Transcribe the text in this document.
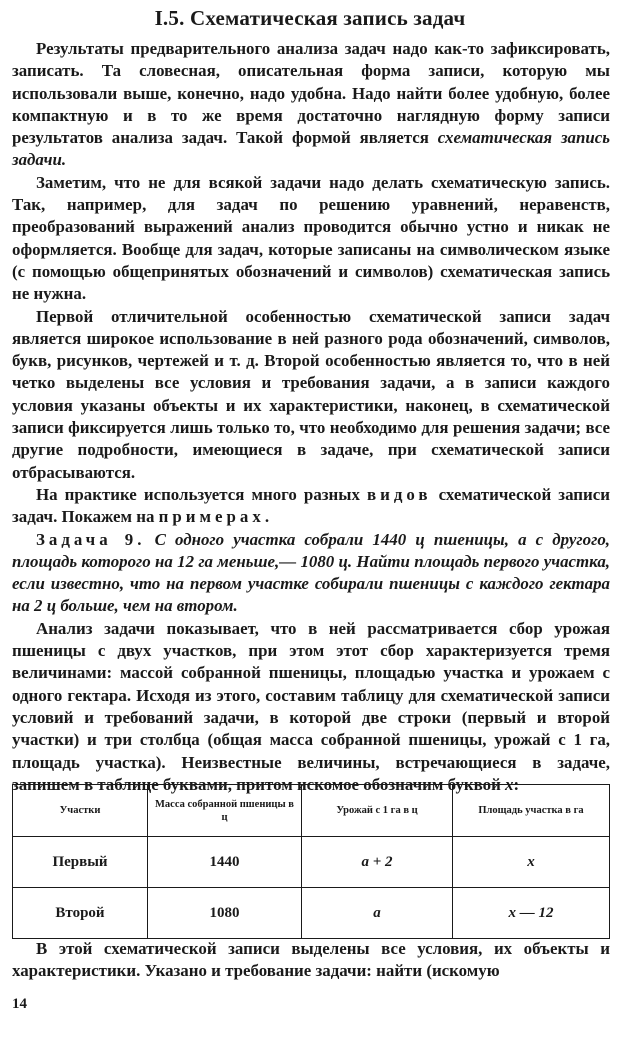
I.5. Схематическая запись задач

Результаты предварительного анализа задач надо как-то зафиксировать, записать. Та словесная, описательная форма записи, которую мы использовали выше, конечно, надо удобна. Надо найти более удобную, более компактную и в то же время достаточно наглядную форму записи результатов анализа задач. Такой формой является схематическая запись задачи.

Заметим, что не для всякой задачи надо делать схематическую запись. Так, например, для задач по решению уравнений, неравенств, преобразований выражений анализ проводится обычно устно и никак не оформляется. Вообще для задач, которые записаны на символическом языке (с помощью общепринятых обозначений и символов) схематическая запись не нужна.

Первой отличительной особенностью схематической записи задач является широкое использование в ней разного рода обозначений, символов, букв, рисунков, чертежей и т. д. Второй особенностью является то, что в ней четко выделены все условия и требования задачи, а в записи каждого условия указаны объекты и их характеристики, наконец, в схематической записи фиксируется лишь только то, что необходимо для решения задачи; все другие подробности, имеющиеся в задаче, при схематической записи отбрасываются.

На практике используется много разных видов схематической записи задач. Покажем на примерах.

Задача 9. С одного участка собрали 1440 ц пшеницы, а с другого, площадь которого на 12 га меньше,— 1080 ц. Найти площадь первого участка, если известно, что на первом участке собирали пшеницы с каждого гектара на 2 ц больше, чем на втором.

Анализ задачи показывает, что в ней рассматривается сбор урожая пшеницы с двух участков, при этом этот сбор характеризуется тремя величинами: массой собранной пшеницы, площадью участка и урожаем с одного гектара. Исходя из этого, составим таблицу для схематической записи условий и требований задачи, в которой две строки (первый и второй участки) и три столбца (общая масса собранной пшеницы, урожай с 1 га, площадь участка). Неизвестные величины, встречающиеся в задаче, запишем в таблице буквами, притом искомое обозначим буквой x:

Участки	Масса собранной пшеницы в ц	Урожай с 1 га в ц	Площадь участка в га
Первый	1440	a + 2	x
Второй	1080	a	x — 12

В этой схематической записи выделены все условия, их объекты и характеристики. Указано и требование задачи: найти (искомую

14
